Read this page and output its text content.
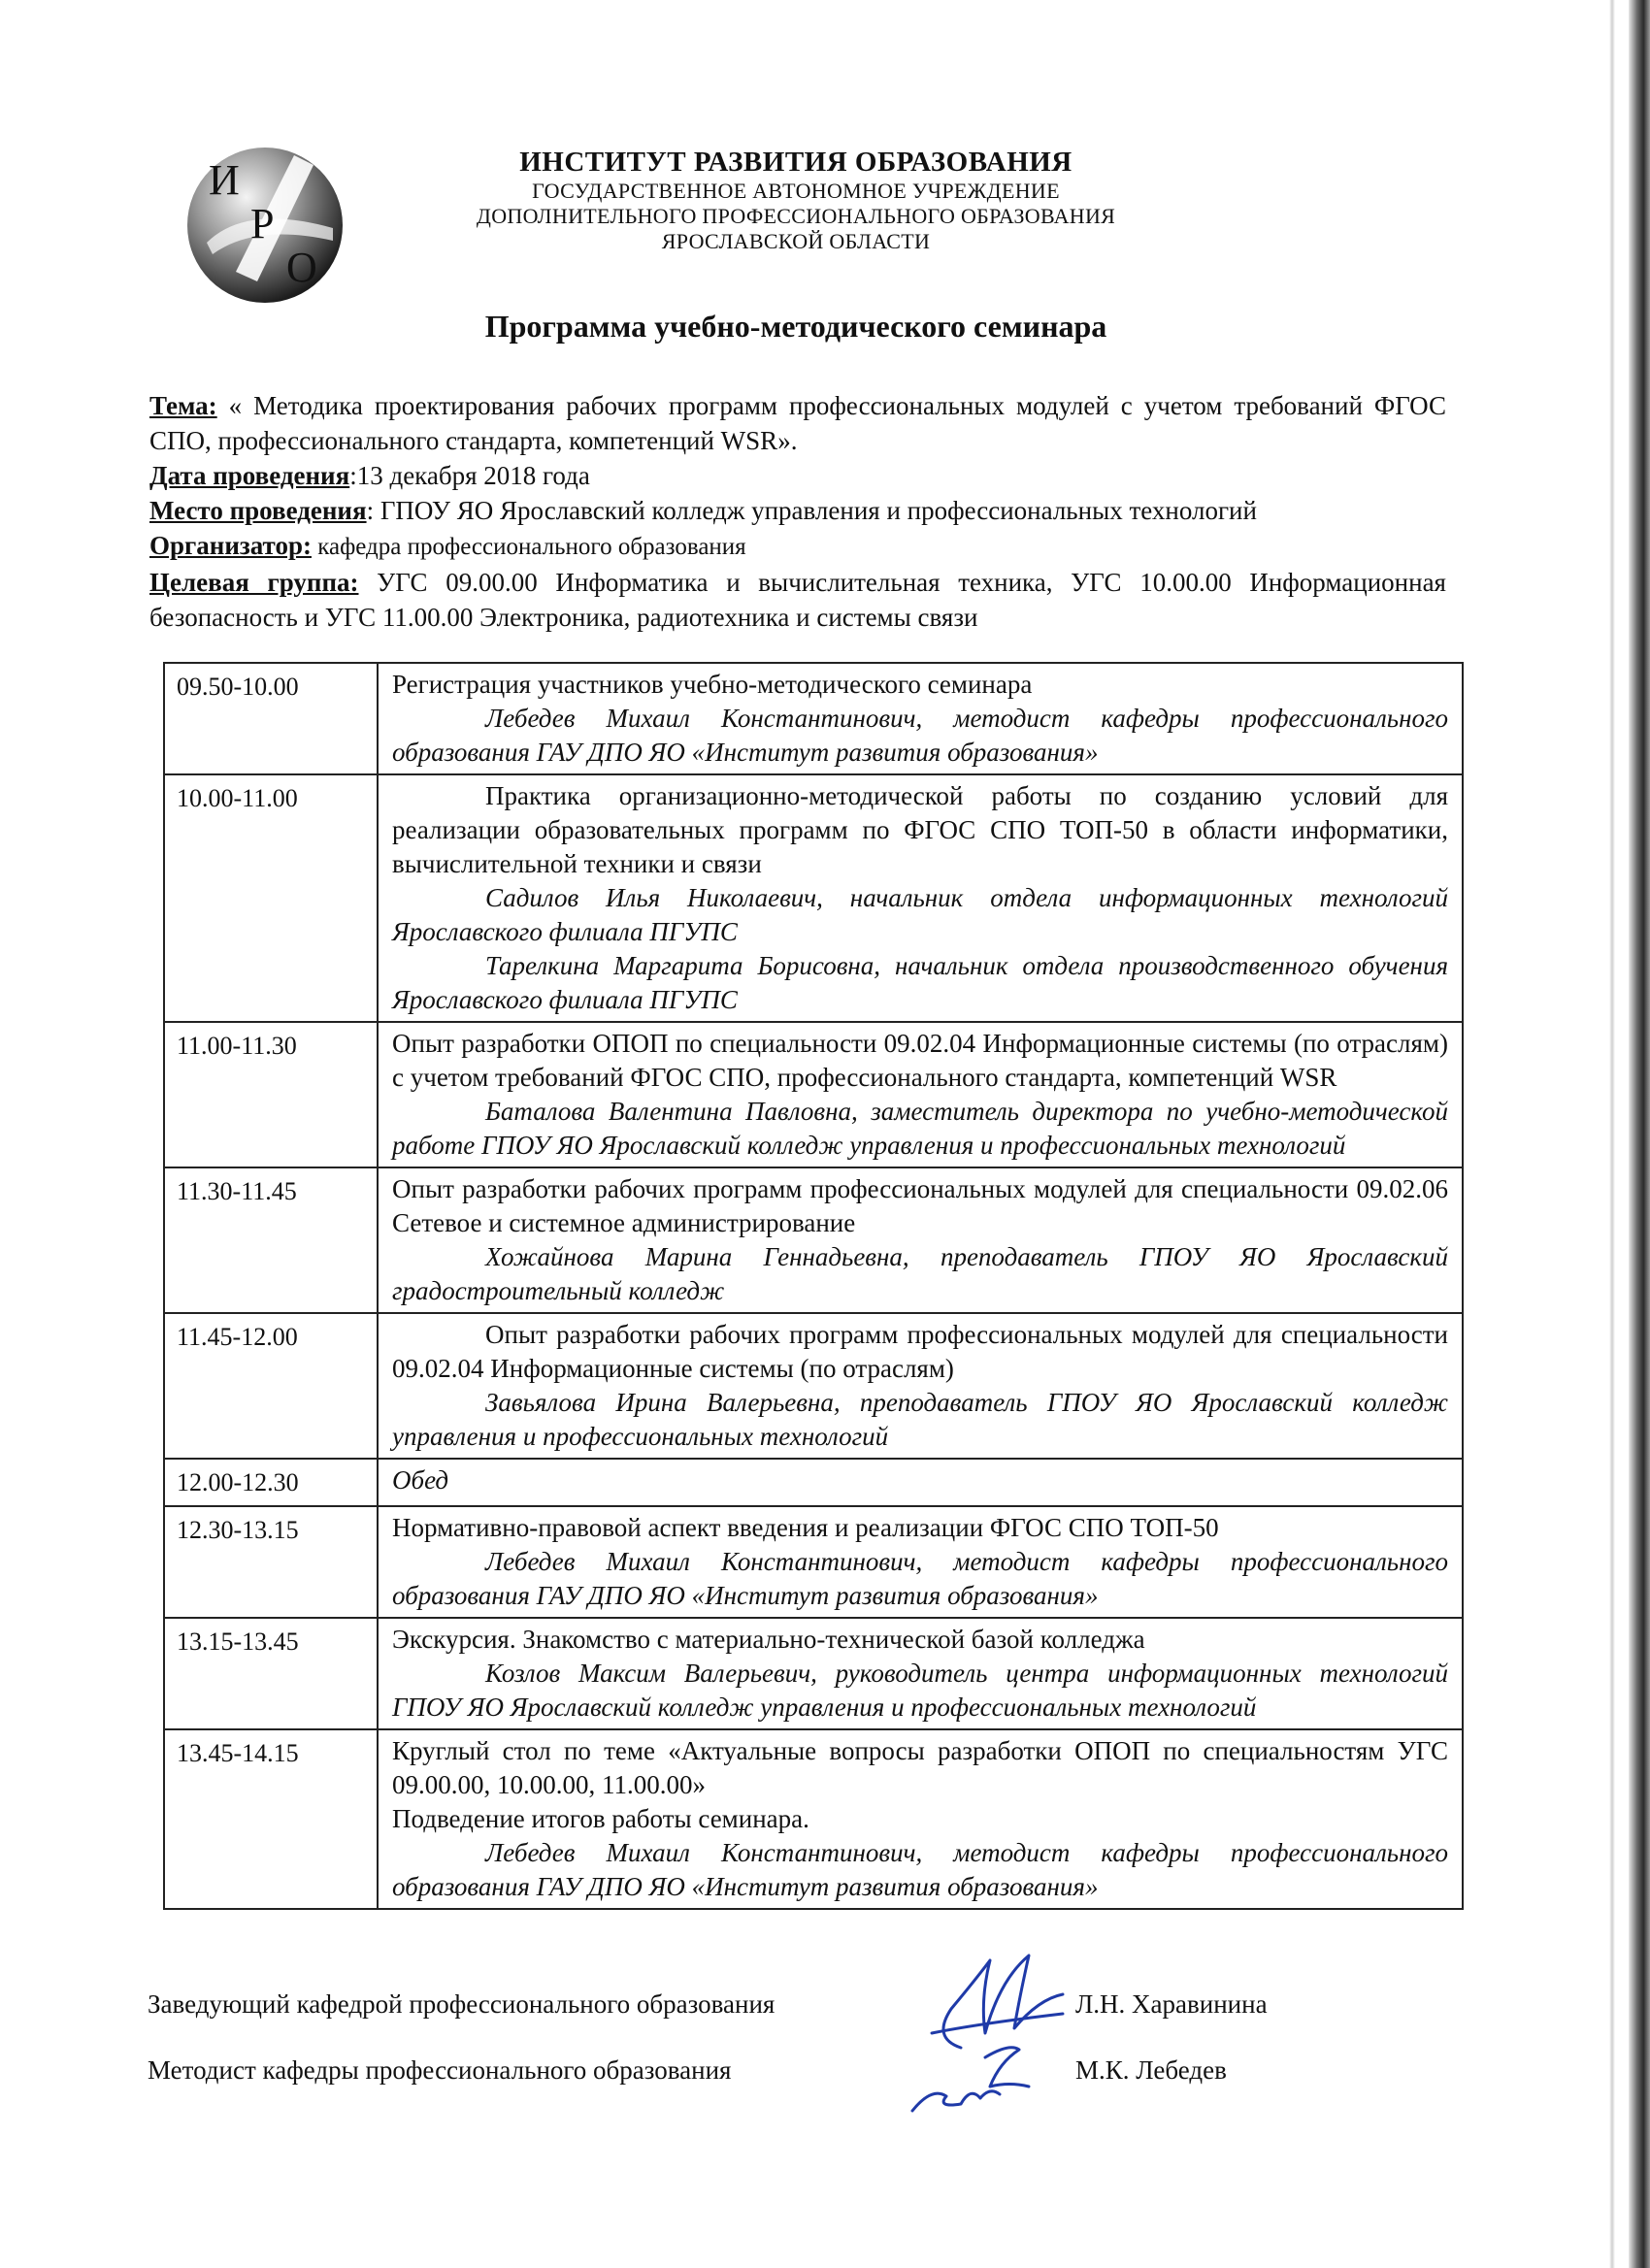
И
Р
О
ИНСТИТУТ РАЗВИТИЯ ОБРАЗОВАНИЯ
ГОСУДАРСТВЕННОЕ АВТОНОМНОЕ УЧРЕЖДЕНИЕ
ДОПОЛНИТЕЛЬНОГО ПРОФЕССИОНАЛЬНОГО ОБРАЗОВАНИЯ
ЯРОСЛАВСКОЙ ОБЛАСТИ
Программа учебно-методического семинара

Тема: « Методика проектирования рабочих программ профессиональных модулей с учетом требований ФГОС СПО, профессионального стандарта, компетенций WSR».

Дата проведения:13 декабря 2018 года

Место проведения: ГПОУ ЯО Ярославский колледж управления и профессиональных технологий

Организатор: кафедра профессионального образования

Целевая группа: УГС 09.00.00 Информатика и вычислительная техника, УГС 10.00.00 Информационная безопасность и УГС 11.00.00 Электроника, радиотехника и системы связи

09.50-10.00	Регистрация участников учебно-методического семинара
Лебедев Михаил Константинович, методист кафедры профессионального образования ГАУ ДПО ЯО «Институт развития образования»

10.00-11.00	Практика организационно-методической работы по созданию условий для реализации образовательных программ по ФГОС СПО ТОП-50 в области информатики, вычислительной техники и связи
Садилов Илья Николаевич, начальник отдела информационных технологий Ярославского филиала ПГУПС
Тарелкина Маргарита Борисовна, начальник отдела производственного обучения Ярославского филиала ПГУПС

11.00-11.30	Опыт разработки ОПОП по специальности 09.02.04 Информационные системы (по отраслям) с учетом требований ФГОС СПО, профессионального стандарта, компетенций WSR
Баталова Валентина Павловна, заместитель директора по учебно-методической работе ГПОУ ЯО Ярославский колледж управления и профессиональных технологий

11.30-11.45	Опыт разработки рабочих программ профессиональных модулей для специальности 09.02.06 Сетевое и системное администрирование
Хожайнова Марина Геннадьевна, преподаватель ГПОУ ЯО Ярославский градостроительный колледж

11.45-12.00	Опыт разработки рабочих программ профессиональных модулей для специальности 09.02.04 Информационные системы (по отраслям)
Завьялова Ирина Валерьевна, преподаватель ГПОУ ЯО Ярославский колледж управления и профессиональных технологий

12.00-12.30	Обед

12.30-13.15	Нормативно-правовой аспект введения и реализации ФГОС СПО ТОП-50
Лебедев Михаил Константинович, методист кафедры профессионального образования ГАУ ДПО ЯО «Институт развития образования»

13.15-13.45	Экскурсия. Знакомство с материально-технической базой колледжа
Козлов Максим Валерьевич, руководитель центра информационных технологий ГПОУ ЯО Ярославский колледж управления и профессиональных технологий

13.45-14.15	Круглый стол по теме «Актуальные вопросы разработки ОПОП по специальностям УГС 09.00.00, 10.00.00, 11.00.00»
Подведение итогов работы семинара.
Лебедев Михаил Константинович, методист кафедры профессионального образования ГАУ ДПО ЯО «Институт развития образования»
Заведующий кафедрой профессионального образования	Л.Н. Харавинина
Методист кафедры профессионального образования	М.К. Лебедев
